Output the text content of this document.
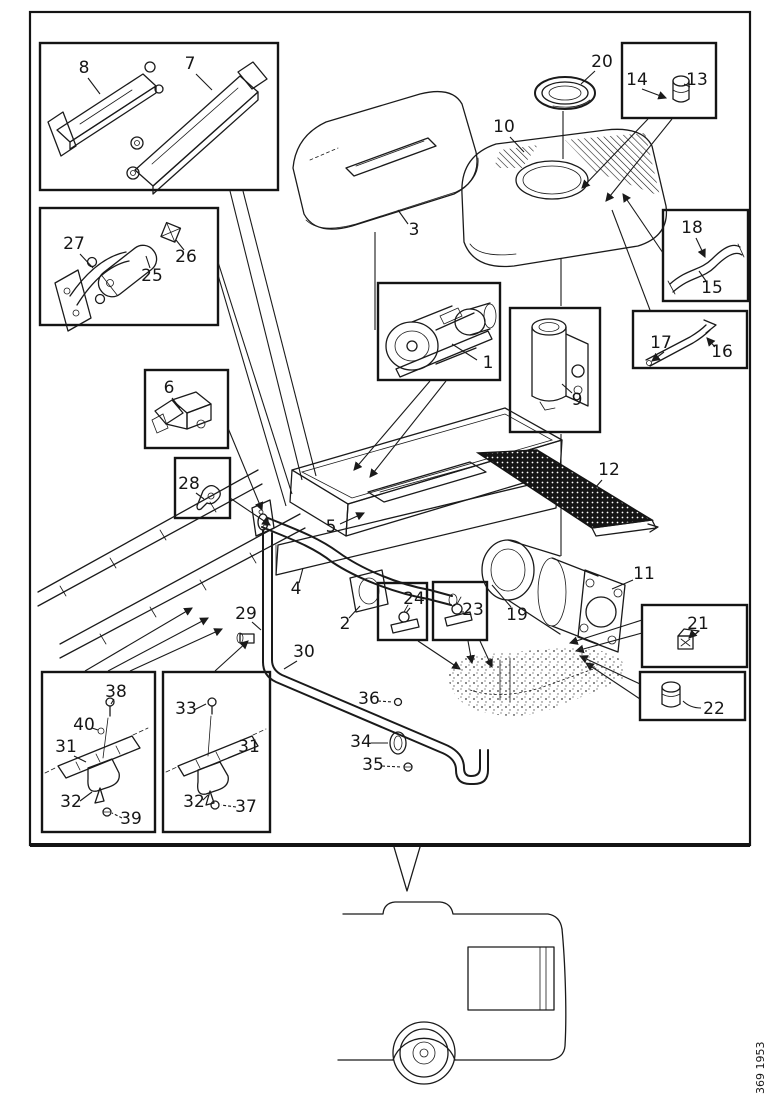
8	7
27
26
25
6
28
1
9
14 13
18
15
17 16
24
23
21
22
38
40
31
32
39
33
31
32 37
3
10
20
5
12
11
19
4
2
29
30
36
34
35
369 1953
